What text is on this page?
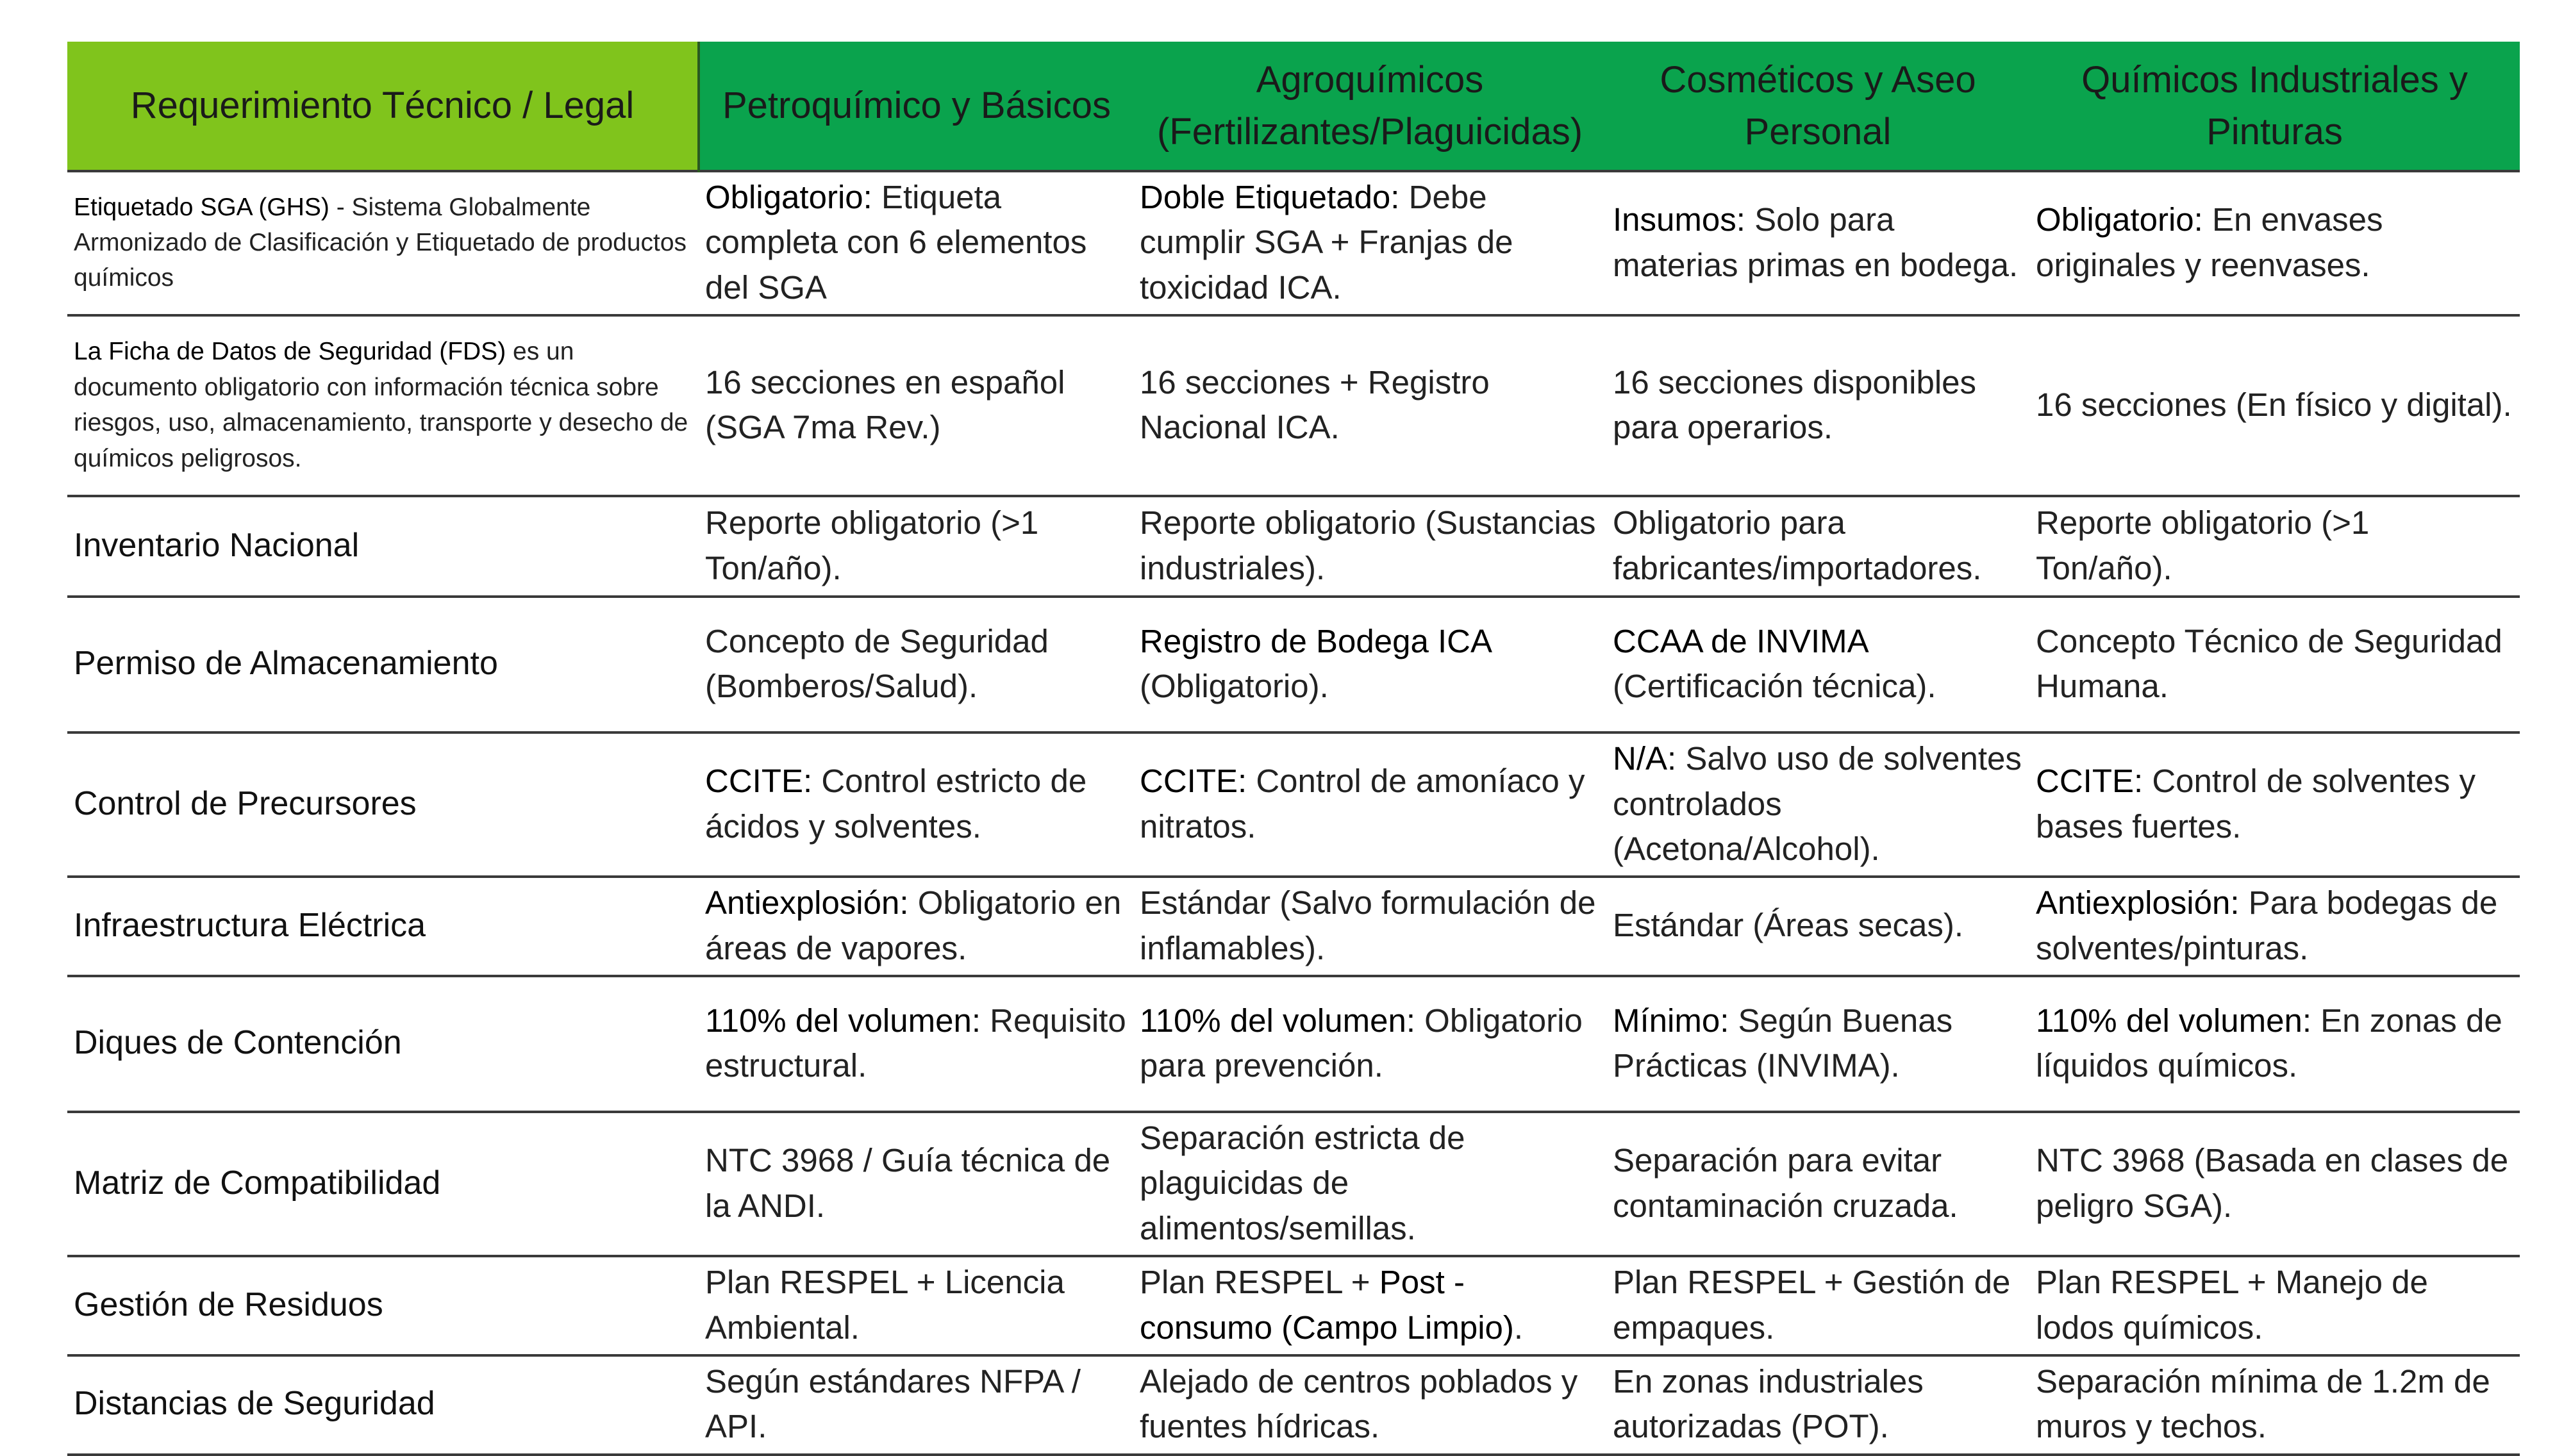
Requerimiento Técnico / Legal	Petroquímico y Básicos	Agroquímicos (Fertilizantes/Plaguicidas)	Cosméticos y Aseo Personal	Químicos Industriales y Pinturas
Etiquetado SGA (GHS) - Sistema Globalmente Armonizado de Clasificación y Etiquetado de productos químicos	Obligatorio: Etiqueta completa con 6 elementos del SGA	Doble Etiquetado: Debe cumplir SGA + Franjas de toxicidad ICA.	Insumos: Solo para materias primas en bodega.	Obligatorio: En envases originales y reenvases.
La Ficha de Datos de Seguridad (FDS) es un documento obligatorio con información técnica sobre riesgos, uso, almacenamiento, transporte y desecho de químicos peligrosos.	16 secciones en español (SGA 7ma Rev.)	16 secciones + Registro Nacional ICA.	16 secciones disponibles para operarios.	16 secciones (En físico y digital).
Inventario Nacional	Reporte obligatorio (>1 Ton/año).	Reporte obligatorio (Sustancias industriales).	Obligatorio para fabricantes/importadores.	Reporte obligatorio (>1 Ton/año).
Permiso de Almacenamiento	Concepto de Seguridad (Bomberos/Salud).	Registro de Bodega ICA (Obligatorio).	CCAA de INVIMA (Certificación técnica).	Concepto Técnico de Seguridad Humana.
Control de Precursores	CCITE: Control estricto de ácidos y solventes.	CCITE: Control de amoníaco y nitratos.	N/A: Salvo uso de solventes controlados (Acetona/Alcohol).	CCITE: Control de solventes y bases fuertes.
Infraestructura Eléctrica	Antiexplosión: Obligatorio en áreas de vapores.	Estándar (Salvo formulación de inflamables).	Estándar (Áreas secas).	Antiexplosión: Para bodegas de solventes/pinturas.
Diques de Contención	110% del volumen: Requisito estructural.	110% del volumen: Obligatorio para prevención.	Mínimo: Según Buenas Prácticas (INVIMA).	110% del volumen: En zonas de líquidos químicos.
Matriz de Compatibilidad	NTC 3968 / Guía técnica de la ANDI.	Separación estricta de plaguicidas de alimentos/semillas.	Separación para evitar contaminación cruzada.	NTC 3968 (Basada en clases de peligro SGA).
Gestión de Residuos	Plan RESPEL + Licencia Ambiental.	Plan RESPEL + Post - consumo (Campo Limpio).	Plan RESPEL + Gestión de empaques.	Plan RESPEL + Manejo de lodos químicos.
Distancias de Seguridad	Según estándares NFPA / API.	Alejado de centros poblados y fuentes hídricas.	En zonas industriales autorizadas (POT).	Separación mínima de 1.2m de muros y techos.
